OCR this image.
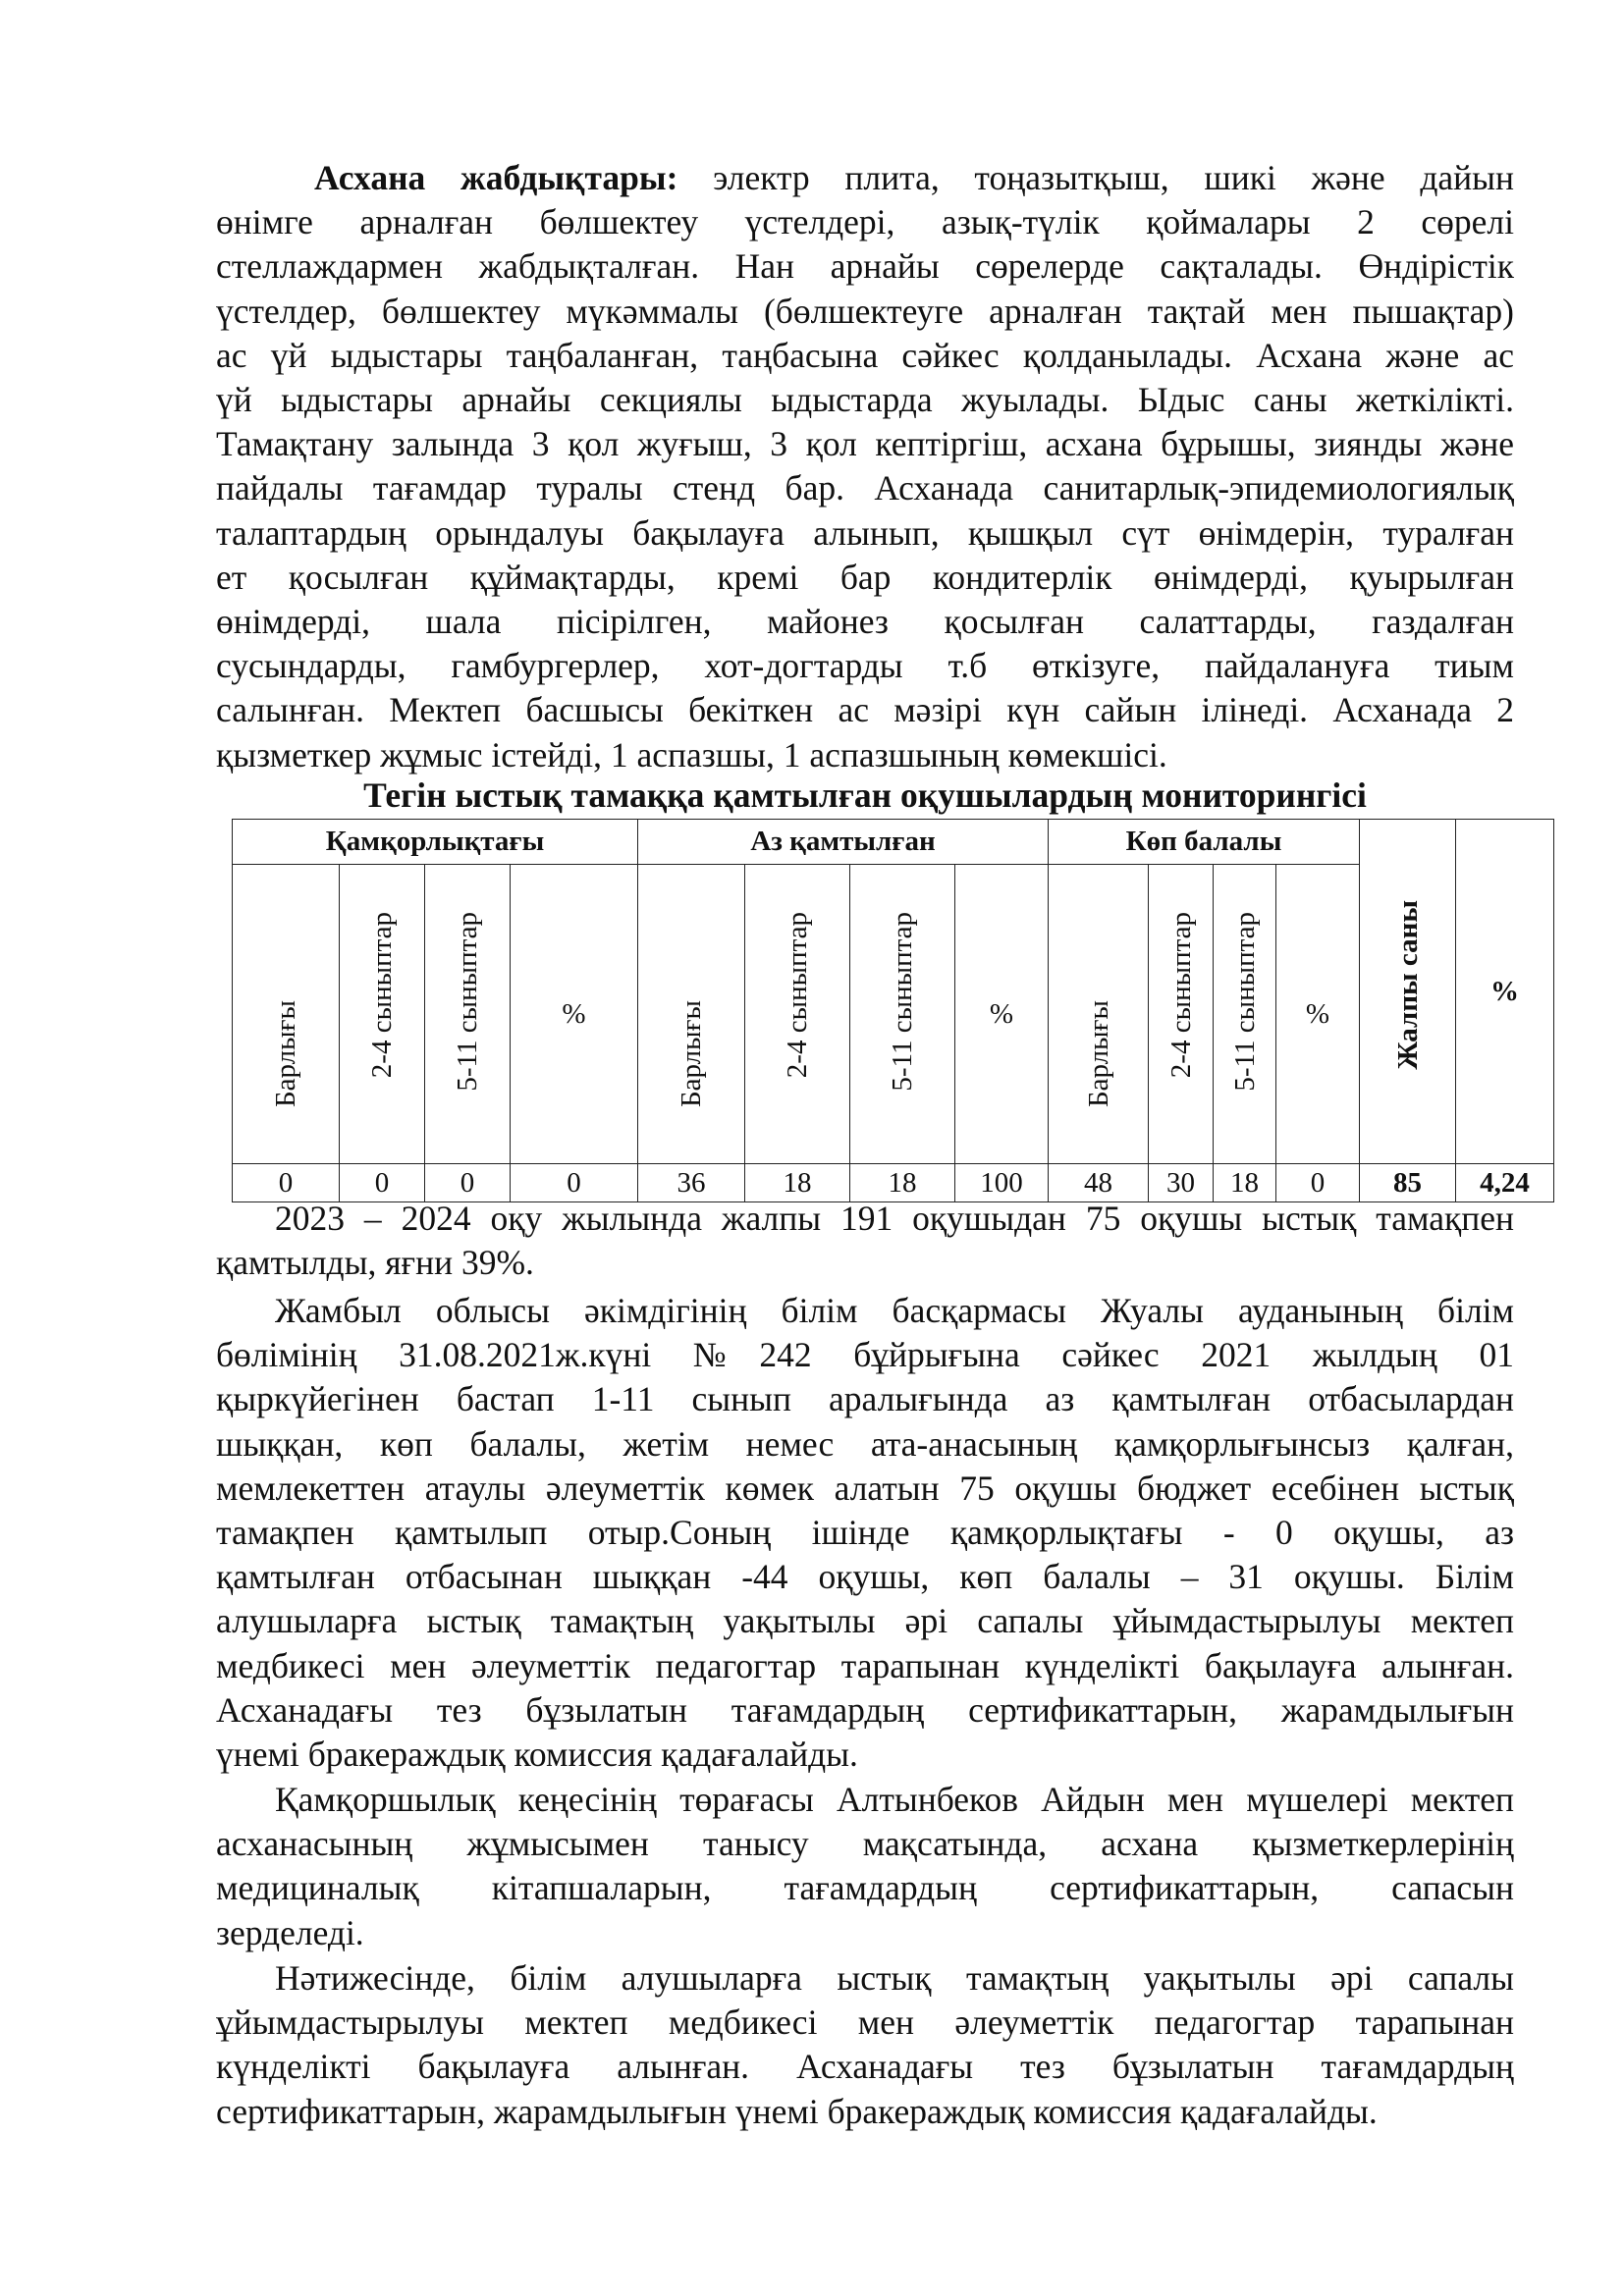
Асхана жабдықтары: электр плита, тоңазытқыш, шикі және дайын
өнімге арналған бөлшектеу үстелдері, азық-түлік қоймалары 2 сөрелі
стеллаждармен жабдықталған. Нан арнайы сөрелерде сақталады. Өндірістік
үстелдер, бөлшектеу мүкәммалы (бөлшектеуге арналған тақтай мен пышақтар)
ас үй ыдыстары таңбаланған, таңбасына сәйкес қолданылады. Асхана және ас
үй ыдыстары арнайы секциялы ыдыстарда жуылады. Ыдыс саны жеткілікті.
Тамақтану залында 3 қол жуғыш, 3 қол кептіргіш, асхана бұрышы, зиянды және
пайдалы тағамдар туралы стенд бар. Асханада санитарлық-эпидемиологиялық
талаптардың орындалуы бақылауға алынып, қышқыл сүт өнімдерін, туралған
ет қосылған құймақтарды, кремі бар кондитерлік өнімдерді, қуырылған
өнімдерді, шала пісірілген, майонез қосылған салаттарды, газдалған
сусындарды, гамбургерлер, хот-догтарды т.б өткізуге, пайдалануға тиым
салынған. Мектеп басшысы бекіткен ас мәзірі күн сайын ілінеді. Асханада 2
қызметкер жұмыс істейді, 1 аспазшы, 1 аспазшының көмекшісі.
Тегін ыстық тамаққа қамтылған оқушылардың мониторингісі
Қамқорлықтағы				Аз қамтылған				Көп балалы				Жалпы саны	%

Барлығы	2-4 сыныптар	5-11 сыныптар	%	Барлығы	2-4 сыныптар	5-11 сыныптар	%	Барлығы	2-4 сыныптар	5-11 сыныптар	%		
0	0	0	0	36	18	18	100	48	30	18	0	85	4,24
2023 – 2024 оқу жылында жалпы 191 оқушыдан 75 оқушы ыстық тамақпен
қамтылды, яғни 39%.
Жамбыл облысы әкімдігінің білім басқармасы Жуалы ауданының білім
бөлімінің 31.08.2021ж.күні №242 бұйрығына сәйкес 2021 жылдың 01
қыркүйегінен бастап 1-11 сынып аралығында аз қамтылған отбасылардан
шыққан, көп балалы, жетім немес ата-анасының қамқорлығынсыз қалған,
мемлекеттен атаулы әлеуметтік көмек алатын 75 оқушы бюджет есебінен ыстық
тамақпен қамтылып отыр.Соның ішінде қамқорлықтағы - 0 оқушы, аз
қамтылған отбасынан шыққан -44 оқушы, көп балалы – 31 оқушы. Білім
алушыларға ыстық тамақтың уақытылы әрі сапалы ұйымдастырылуы мектеп
медбикесі мен әлеуметтік педагогтар тарапынан күнделікті бақылауға алынған.
Асханадағы тез бұзылатын тағамдардың сертификаттарын, жарамдылығын
үнемі бракераждық комиссия қадағалайды.
Қамқоршылық кеңесінің төрағасы Алтынбеков Айдын мен мүшелері мектеп
асханасының жұмысымен танысу мақсатында, асхана қызметкерлерінің
медициналық кітапшаларын, тағамдардың сертификаттарын, сапасын
зерделеді.
Нәтижесінде, білім алушыларға ыстық тамақтың уақытылы әрі сапалы
ұйымдастырылуы мектеп медбикесі мен әлеуметтік педагогтар тарапынан
күнделікті бақылауға алынған. Асханадағы тез бұзылатын тағамдардың
сертификаттарын, жарамдылығын үнемі бракераждық комиссия қадағалайды.
